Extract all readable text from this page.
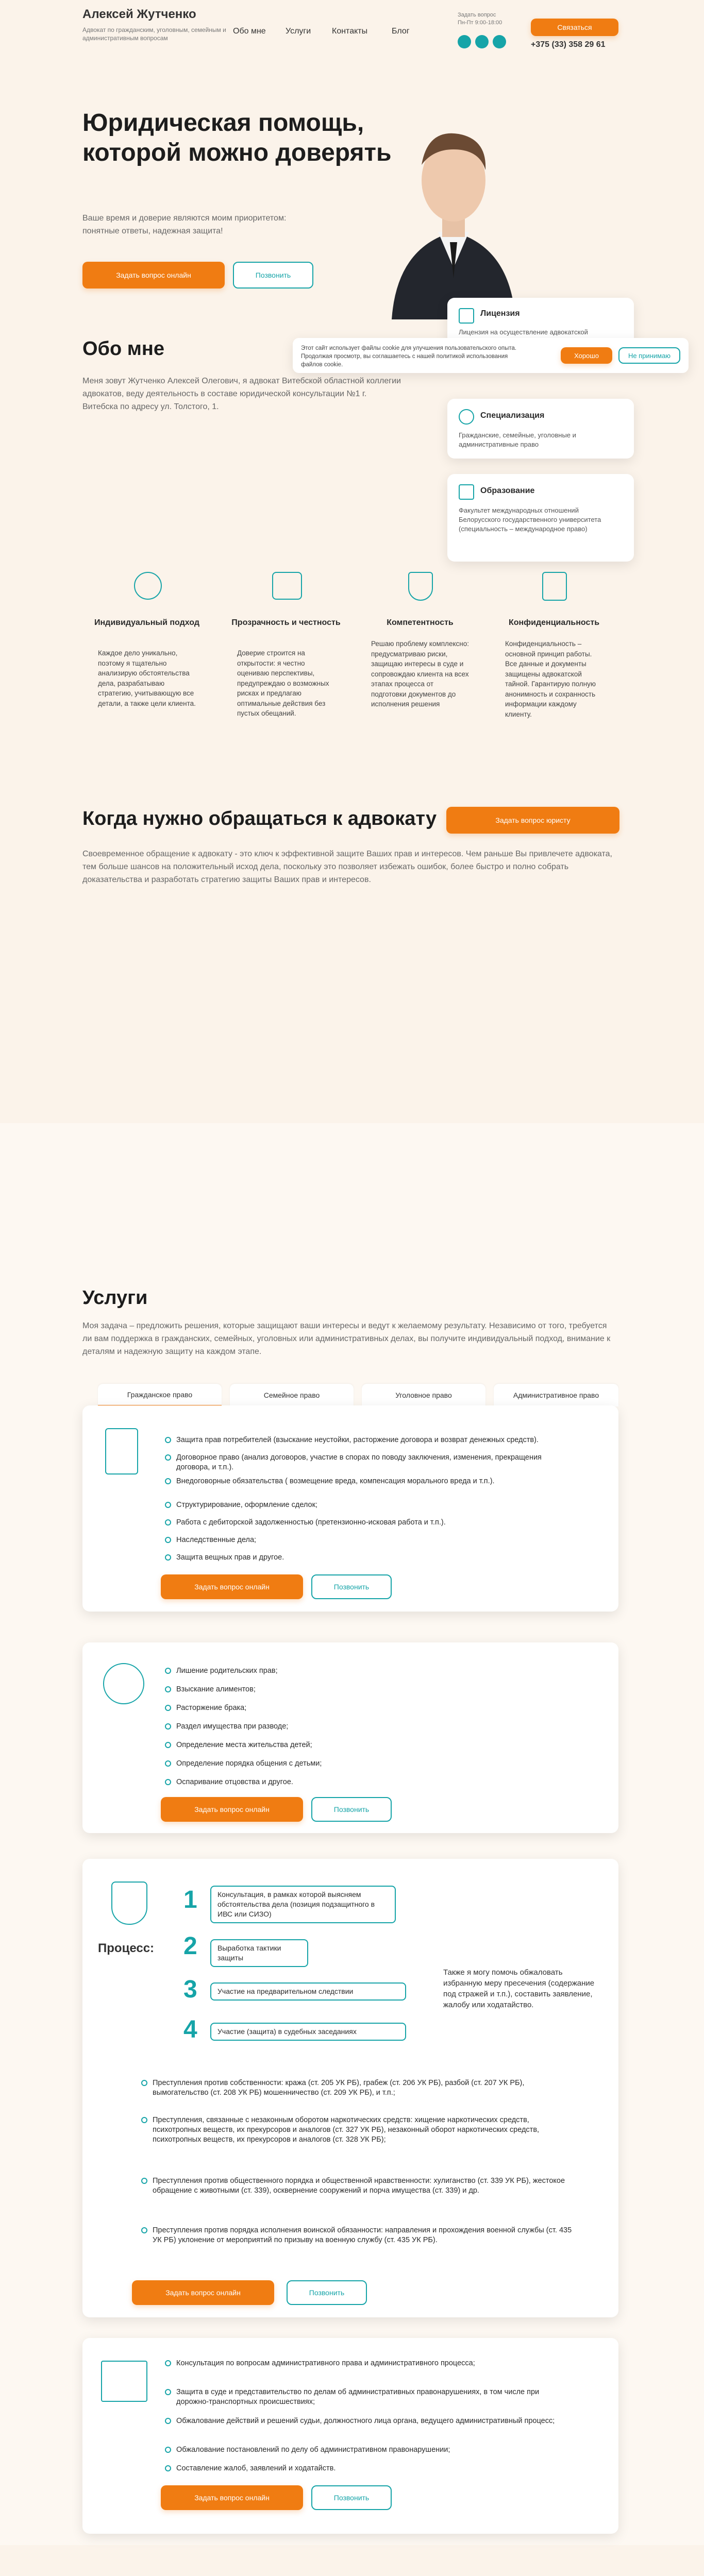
Алексей Жутченко
Адвокат по гражданским, уголовным, семейным и административным вопросам
Обо мне Услуги	Контакты	Блог
Задать вопрос
Пн-Пт 9:00-18:00
Связаться
+375 (33) 358 29 61
Юридическая помощь, которой можно доверять
Ваше время и доверие являются моим приоритетом: понятные ответы, надежная защита!
Задать вопрос онлайн	Позвонить
Лицензия
Лицензия на осуществление адвокатской
Специализация
Гражданские, семейные, уголовные и административные право
Образование
Факультет международных отношений Белорусского государственного университета (специальность – международное право)
Этот сайт использует файлы cookie для улучшения пользовательского опыта. Продолжая просмотр, вы соглашаетесь с нашей политикой использования файлов cookie.
Хорошо	Не принимаю
Обо мне
Меня зовут Жутченко Алексей Олегович, я адвокат Витебской областной коллегии адвокатов, веду деятельность в составе юридической консультации №1 г. Витебска по адресу ул. Толстого, 1.
Индивидуальный подход
Каждое дело уникально, поэтому я тщательно анализирую обстоятельства дела, разрабатываю стратегию, учитывающую все детали, а также цели клиента.
Прозрачность и честность
Доверие строится на открытости: я честно оцениваю перспективы, предупреждаю о возможных рисках и предлагаю оптимальные действия без пустых обещаний.
Компетентность
Решаю проблему комплексно: предусматриваю риски, защищаю интересы в суде и сопровождаю клиента на всех этапах процесса от подготовки документов до исполнения решения
Конфиденциальность
Конфиденциальность – основной принцип работы. Все данные и документы защищены адвокатской тайной. Гарантирую полную анонимность и сохранность информации каждому клиенту.
Когда нужно обращаться к адвокату	Задать вопрос юристу
Своевременное обращение к адвокату - это ключ к эффективной защите Ваших прав и интересов. Чем раньше Вы привлечете адвоката, тем больше шансов на положительный исход дела, поскольку это позволяет избежать ошибок, более быстро и полно собрать доказательства и разработать стратегию защиты Ваших прав и интересов.
Услуги
Моя задача – предложить решения, которые защищают ваши интересы и ведут к желаемому результату. Независимо от того, требуется ли вам поддержка в гражданских, семейных, уголовных или административных делах, вы получите индивидуальный подход, внимание к деталям и надежную защиту на каждом этапе.
Гражданское право	Семейное право	Уголовное право	Административное право
Защита прав потребителей (взыскание неустойки, расторжение договора и возврат денежных средств).
Договорное право (анализ договоров, участие в спорах по поводу заключения, изменения, прекращения договора, и т.п.).
Внедоговорные обязательства ( возмещение вреда, компенсация морального вреда и т.п.).
Структурирование, оформление сделок;
Работа с дебиторской задолженностью (претензионно-исковая работа и т.п.).
Наследственные дела;
Защита вещных прав и другое.
Задать вопрос онлайн	Позвонить
Лишение родительских прав;
Взыскание алиментов;
Расторжение брака;
Раздел имущества при разводе;
Определение места жительства детей;
Определение порядка общения с детьми;
Оспаривание отцовства и другое.
Задать вопрос онлайн	Позвонить
Процесс:
1	Консультация, в рамках которой выясняем обстоятельства дела (позиция подзащитного в ИВС или СИЗО)
2	Выработка тактики защиты
3	Участие на предварительном следствии
4	Участие (защита) в судебных заседаниях
Также я могу помочь обжаловать избранную меру пресечения (содержание под стражей и т.п.), составить заявление, жалобу или ходатайство.
Преступления против собственности: кража (ст. 205 УК РБ), грабеж (ст. 206 УК РБ), разбой (ст. 207 УК РБ), вымогательство (ст. 208 УК РБ) мошенничество (ст. 209 УК РБ), и т.п.;
Преступления, связанные с незаконным оборотом наркотических средств: хищение наркотических средств, психотропных веществ, их прекурсоров и аналогов (ст. 327 УК РБ), незаконный оборот наркотических средств, психотропных веществ, их прекурсоров и аналогов (ст. 328 УК РБ);
Преступления против общественного порядка и общественной нравственности: хулиганство (ст. 339 УК РБ), жестокое обращение с животными (ст. 339), осквернение сооружений и порча имущества (ст. 339) и др.
Преступления против порядка исполнения воинской обязанности: направления и прохождения военной службы (ст. 435 УК РБ) уклонение от мероприятий по призыву на военную службу (ст. 435 УК РБ).
Задать вопрос онлайн	Позвонить
Консультация по вопросам административного права и административного процесса;
Защита в суде и представительство по делам об административных правонарушениях, в том числе при дорожно-транспортных происшествиях;
Обжалование действий и решений судьи, должностного лица органа, ведущего административный процесс;
Обжалование постановлений по делу об административном правонарушении;
Составление жалоб, заявлений и ходатайств.
Задать вопрос онлайн	Позвонить
